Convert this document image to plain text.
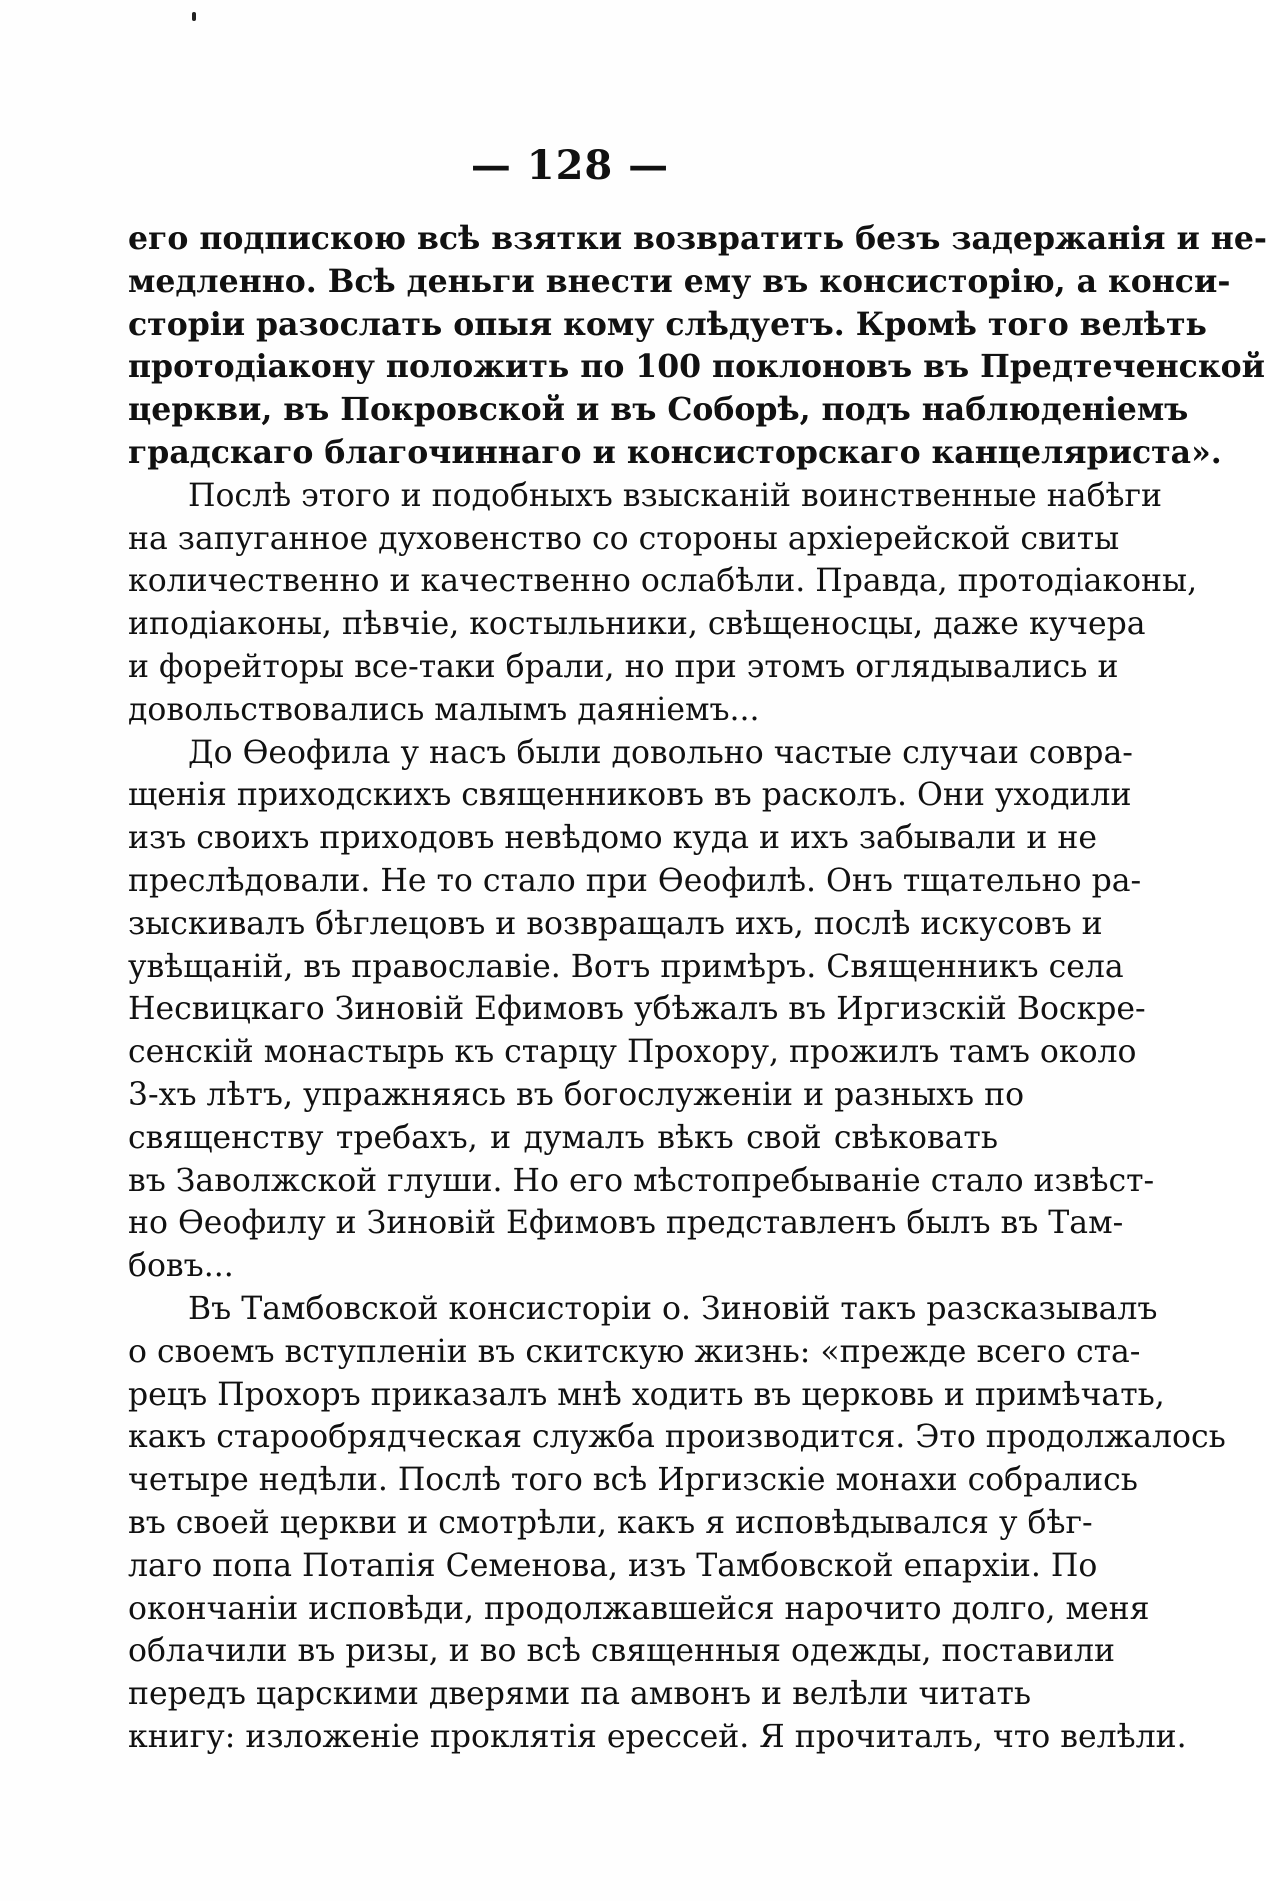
— 128 —
его подпискою всѣ взятки возвратить безъ задержанія и не-
медленно. Всѣ деньги внести ему въ консисторію, а конси-
сторіи разослать опыя кому слѣдуетъ. Кромѣ того велѣть
протодіакону положить по 100 поклоновъ въ Предтеченской
церкви, въ Покровской и въ Соборѣ, подъ наблюденіемъ
градскаго благочиннаго и консисторскаго канцеляриста».
Послѣ этого и подобныхъ взысканій воинственные набѣги
на запуганное духовенство со стороны архіерейской свиты
количественно и качественно ослабѣли. Правда, протодіаконы,
иподіаконы, пѣвчіе, костыльники, свѣщеносцы, даже кучера
и форейторы все-таки брали, но при этомъ оглядывались и
довольствовались малымъ даяніемъ...
До Өеофила у насъ были довольно частые случаи совра-
щенія приходскихъ священниковъ въ расколъ. Они уходили
изъ своихъ приходовъ невѣдомо куда и ихъ забывали и не
преслѣдовали. Не то стало при Өеофилѣ. Онъ тщательно ра-
зыскивалъ бѣглецовъ и возвращалъ ихъ, послѣ искусовъ и
увѣщаній, въ православіе. Вотъ примѣръ. Священникъ села
Несвицкаго Зиновій Ефимовъ убѣжалъ въ Иргизскій Воскре-
сенскій монастырь къ старцу Прохору, прожилъ тамъ около
3-хъ лѣтъ, упражняясь въ богослуженіи и разныхъ по
священству требахъ, и думалъ вѣкъ свой свѣковать
въ Заволжской глуши. Но его мѣстопребываніе стало извѣст-
но Өеофилу и Зиновій Ефимовъ представленъ былъ въ Там-
бовъ...
Въ Тамбовской консисторіи о. Зиновій такъ разсказывалъ
о своемъ вступленіи въ скитскую жизнь: «прежде всего ста-
рецъ Прохоръ приказалъ мнѣ ходить въ церковь и примѣчать,
какъ старообрядческая служба производится. Это продолжалось
четыре недѣли. Послѣ того всѣ Иргизскіе монахи собрались
въ своей церкви и смотрѣли, какъ я исповѣдывался у бѣг-
лаго попа Потапія Семенова, изъ Тамбовской епархіи. По
окончаніи исповѣди, продолжавшейся нарочито долго, меня
облачили въ ризы, и во всѣ священныя одежды, поставили
передъ царскими дверями па амвонъ и велѣли читать
книгу: изложеніе проклятія ерессей. Я прочиталъ, что велѣли.
